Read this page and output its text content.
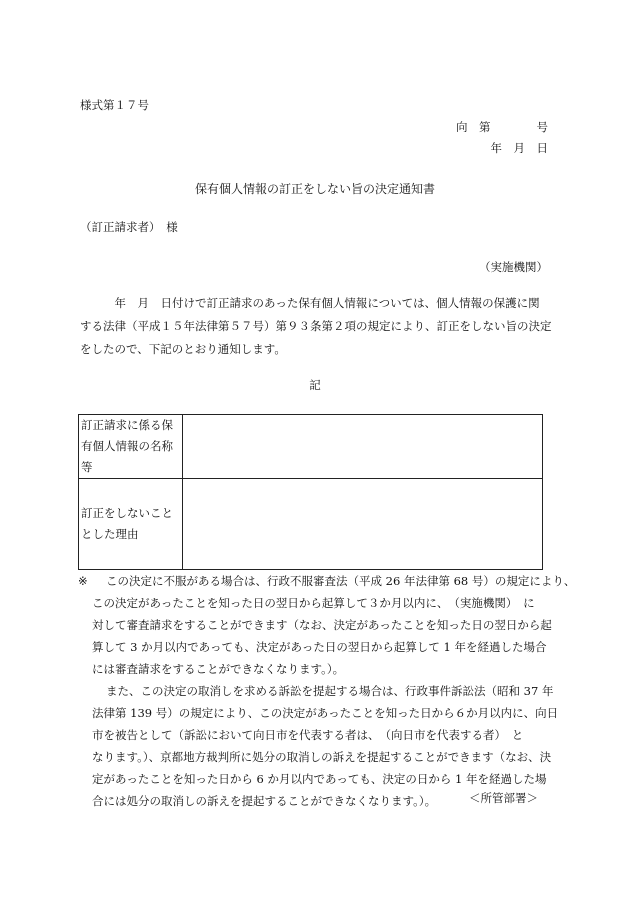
様式第１７号
向　第　　　　号
年　月　日
保有個人情報の訂正をしない旨の決定通知書
（訂正請求者）　様
（実施機関）
　　　年　月　日付けで訂正請求のあった保有個人情報については、個人情報の保護に関
する法律（平成１５年法律第５７号）第９３条第２項の規定により、訂正をしない旨の決定
をしたので、下記のとおり通知します。
記
訂正請求に係る保
有個人情報の名称
等	
訂正をしないこと
とした理由	
※	この決定に不服がある場合は、行政不服審査法（平成 26 年法律第 68 号）の規定により、
この決定があったことを知った日の翌日から起算して３か月以内に、　（実施機関）　に
対して審査請求をすることができます（なお、決定があったことを知った日の翌日から起
算して 3 か月以内であっても、決定があった日の翌日から起算して 1 年を経過した場合
には審査請求をすることができなくなります。）。
また、この決定の取消しを求める訴訟を提起する場合は、行政事件訴訟法（昭和 37 年
法律第 139 号）の規定により、この決定があったことを知った日から６か月以内に、向日
市を被告として（訴訟において向日市を代表する者は、　（向日市を代表する者）　と
なります。）、京都地方裁判所に処分の取消しの訴えを提起することができます（なお、決
定があったことを知った日から 6 か月以内であっても、決定の日から 1 年を経過した場
合には処分の取消しの訴えを提起することができなくなります。）。	＜所管部署＞
